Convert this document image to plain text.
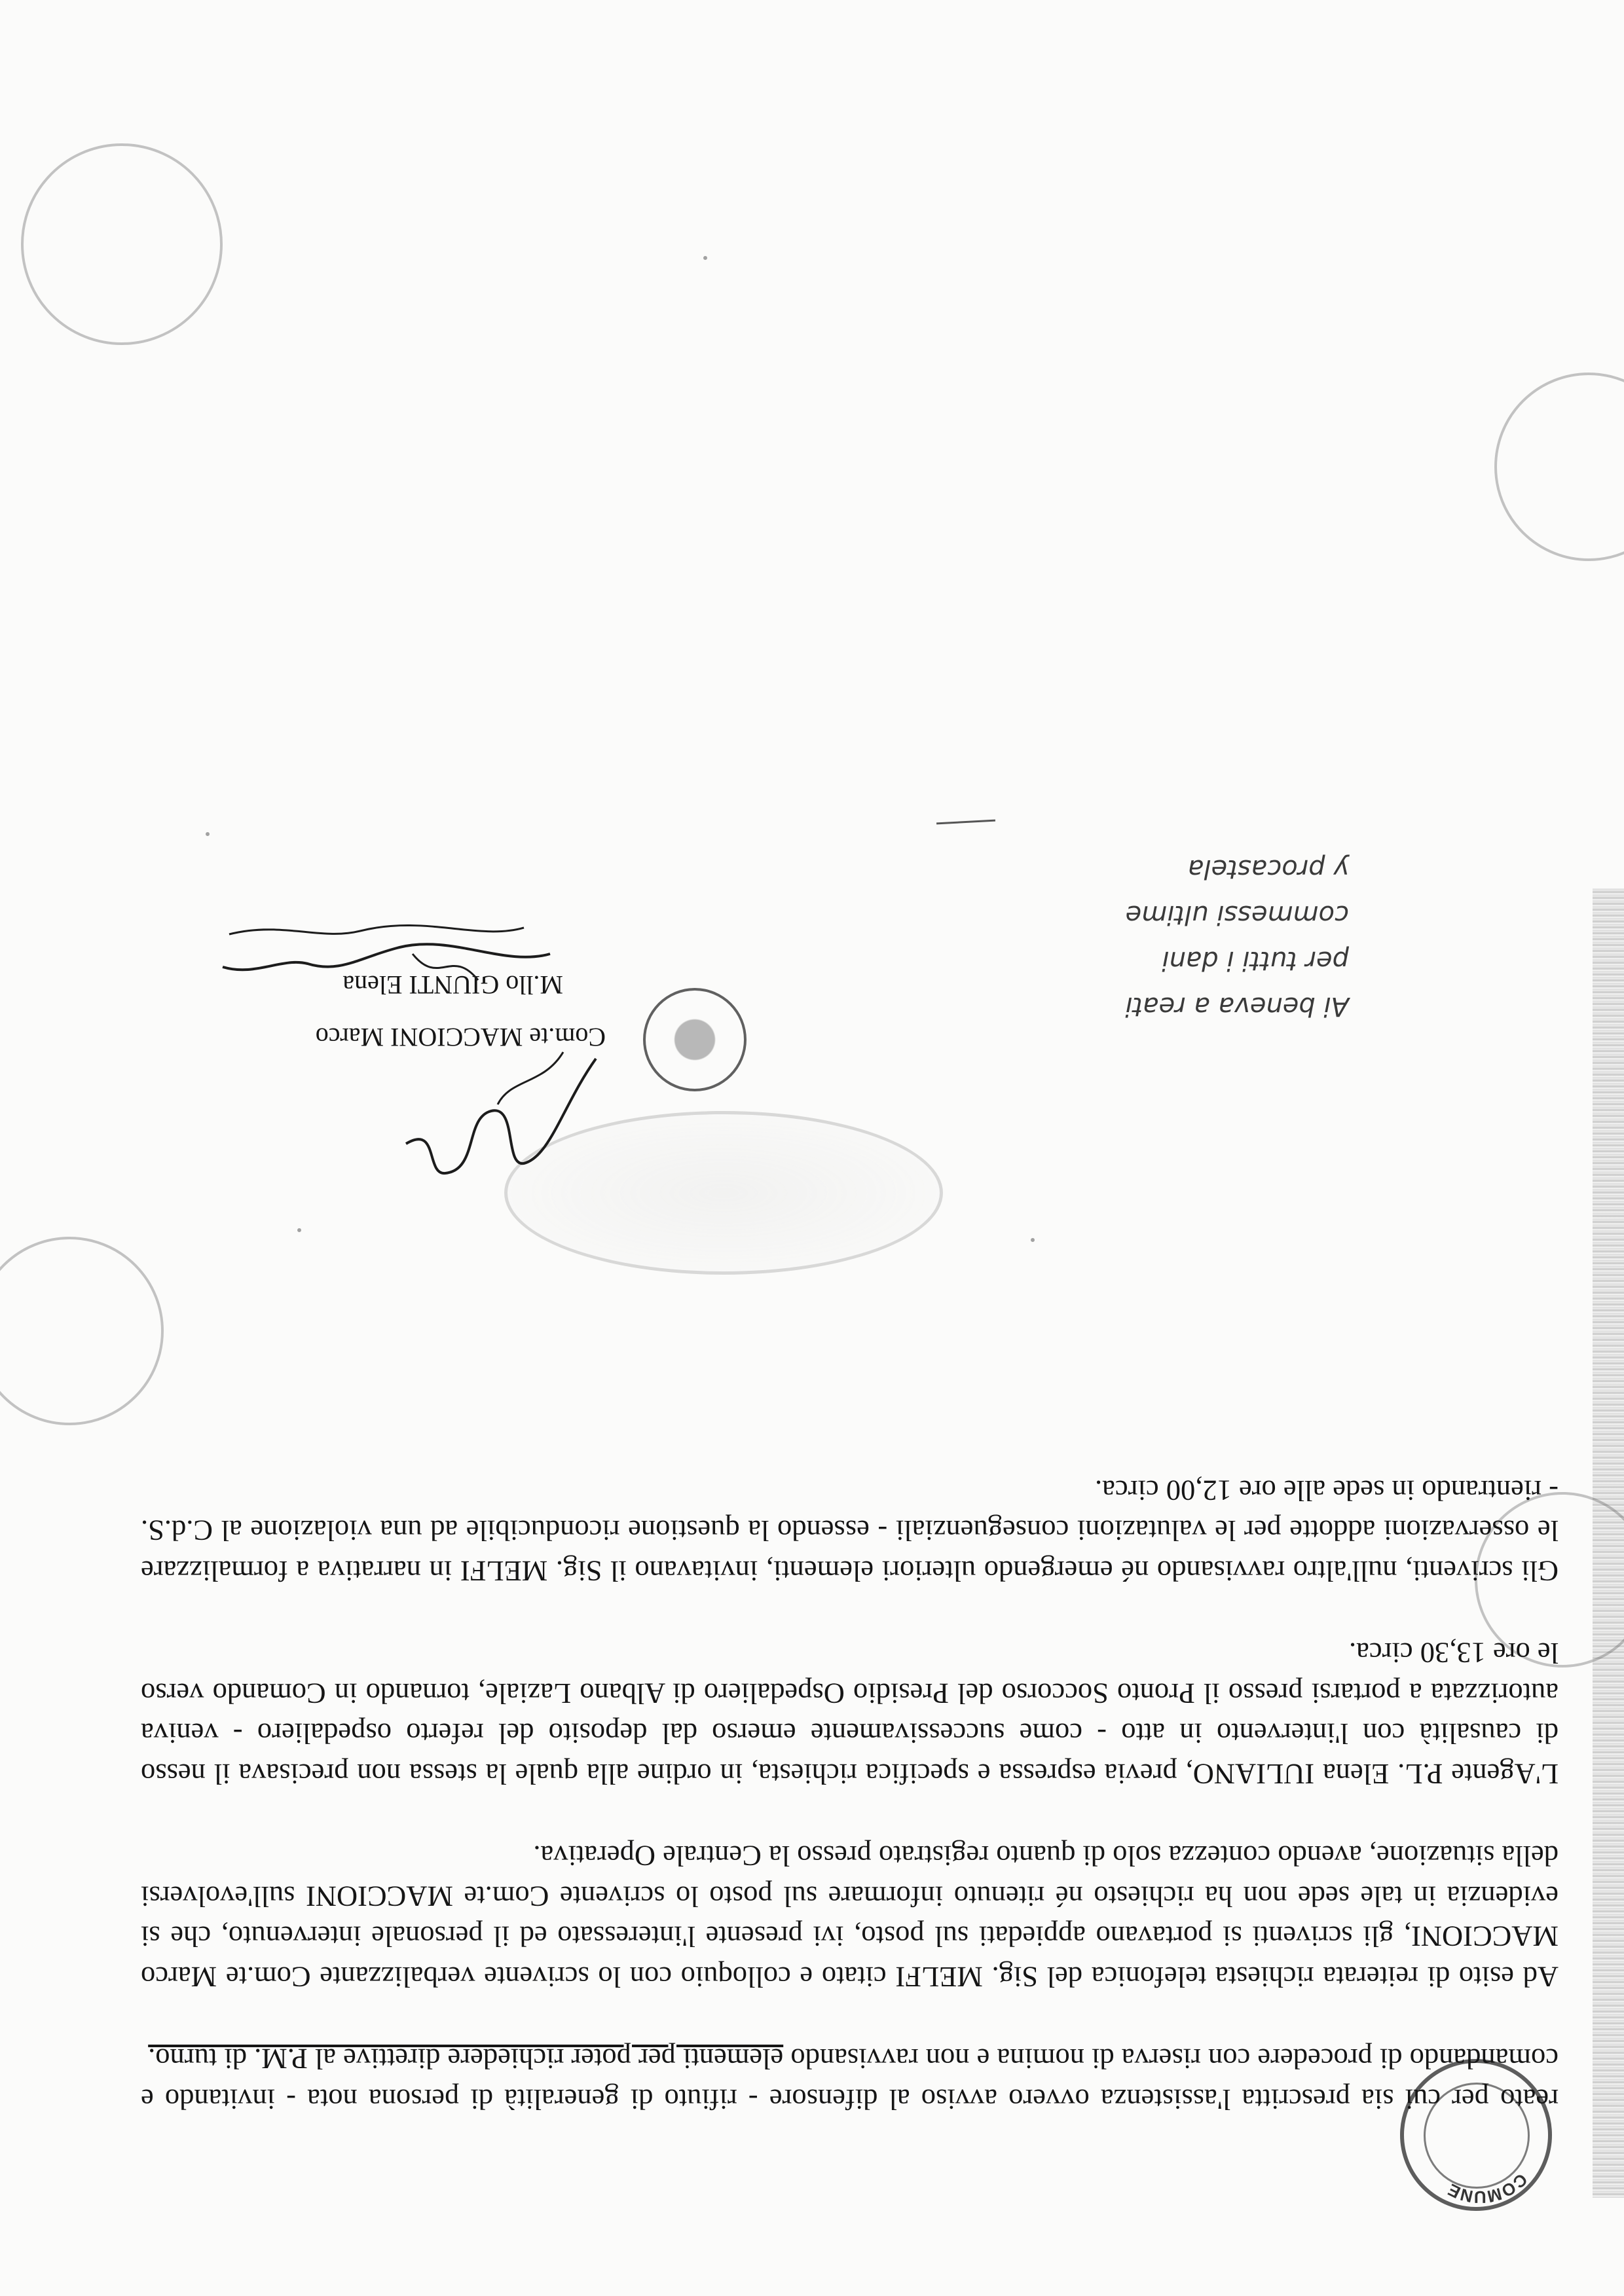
COMUNE

reato per cui sia prescritta l'assistenza ovvero avviso al difensore - rifiuto di generalità di persona nota - invitando e comandando di procedere con riserva di nomina e non ravvisando elementi per poter richiedere direttive al P.M. di turno.

Ad esito di reiterata richiesta telefonica del Sig. MELFI citato e colloquio con lo scrivente verbalizzante Com.te Marco MACCIONI, gli scriventi si portavano appiedati sul posto, ivi presente l'interessato ed il personale intervenuto, che si evidenzia in tale sede non ha richiesto né ritenuto informare sul posto lo scrivente Com.te MACCIONI sull'evolversi della situazione, avendo contezza solo di quanto registrato presso la Centrale Operativa.

L'Agente P.L. Elena IULIANO, previa espressa e specifica richiesta, in ordine alla quale la stessa non precisava il nesso di causalità con l'intervento in atto - come successivamente emerso dal deposito del referto ospedaliero - veniva autorizzata a portarsi presso il Pronto Soccorso del Presidio Ospedaliero di Albano Laziale, tornando in Comando verso le ore 13,30 circa.

Gli scriventi, null'altro ravvisando né emergendo ulteriori elementi, invitavano il Sig. MELFI in narrativa a formalizzare le osservazioni addotte per le valutazioni conseguenziali - essendo la questione riconducibile ad una violazione al C.d.S. - rientrando in sede alle ore 12,00 circa.

Com.te MACCIONI Marco
M.llo GIUNTI Elena
Ai beneva a reati
per tutti i dani
commessi ultime
y procastela
